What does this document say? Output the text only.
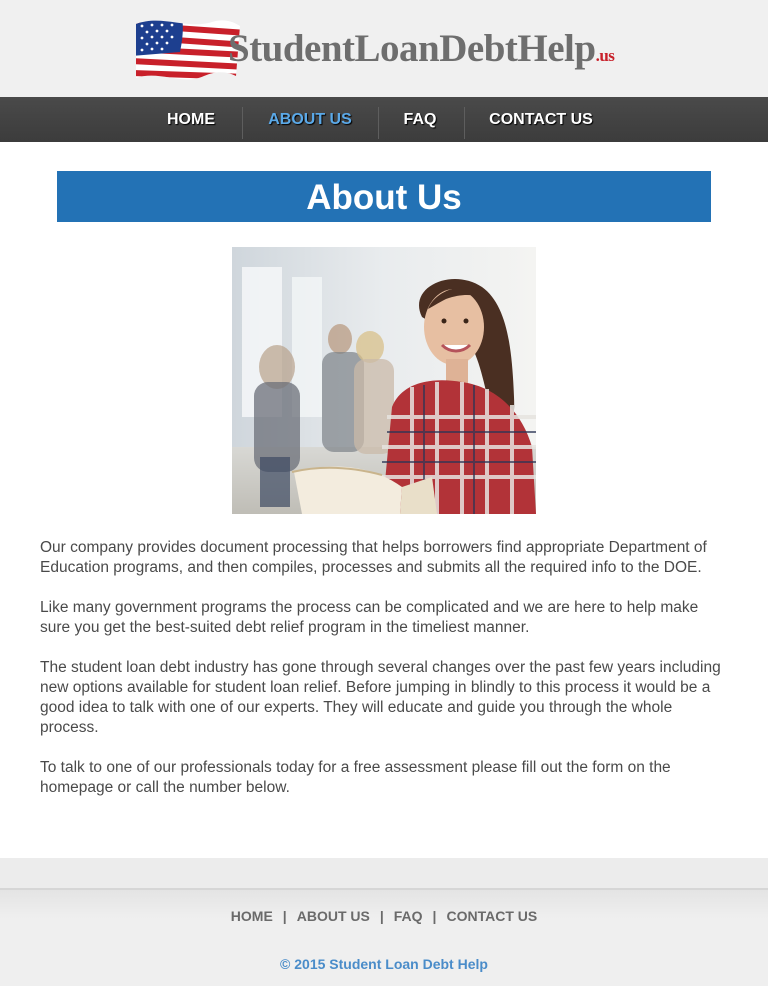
StudentLoanDebtHelp.us
HOME	ABOUT US	FAQ	CONTACT US
About Us

Our company provides document processing that helps borrowers find appropriate Department of Education programs, and then compiles, processes and submits all the required info to the DOE.

Like many government programs the process can be complicated and we are here to help make sure you get the best-suited debt relief program in the timeliest manner.

The student loan debt industry has gone through several changes over the past few years including new options available for student loan relief. Before jumping in blindly to this process it would be a good idea to talk with one of our experts. They will educate and guide you through the whole process.

To talk to one of our professionals today for a free assessment please fill out the form on the homepage or call the number below.

HOME | ABOUT US | FAQ | CONTACT US
© 2015 Student Loan Debt Help
